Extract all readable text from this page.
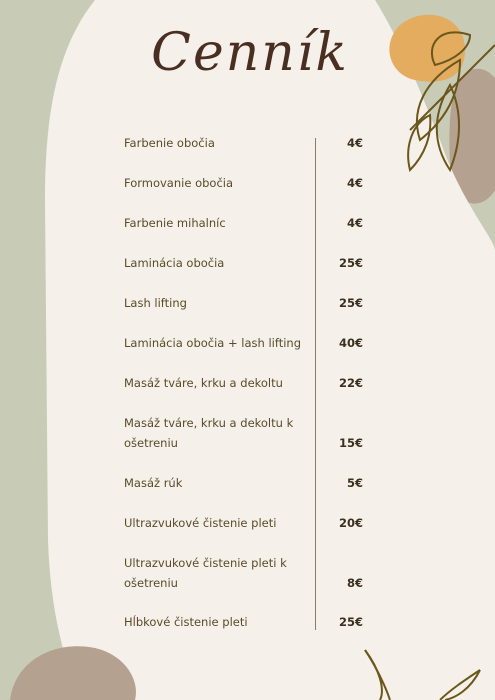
Cenník
Farbenie obočia	4€
Formovanie obočia	4€
Farbenie mihalníc	4€
Laminácia obočia	25€
Lash lifting	25€
Laminácia obočia + lash lifting	40€
Masáž tváre, krku a dekoltu	22€
Masáž tváre, krku a dekoltu k ošetreniu	15€
Masáž rúk	5€
Ultrazvukové čistenie pleti	20€
Ultrazvukové čistenie pleti k ošetreniu	8€
Hĺbkové čistenie pleti	25€
